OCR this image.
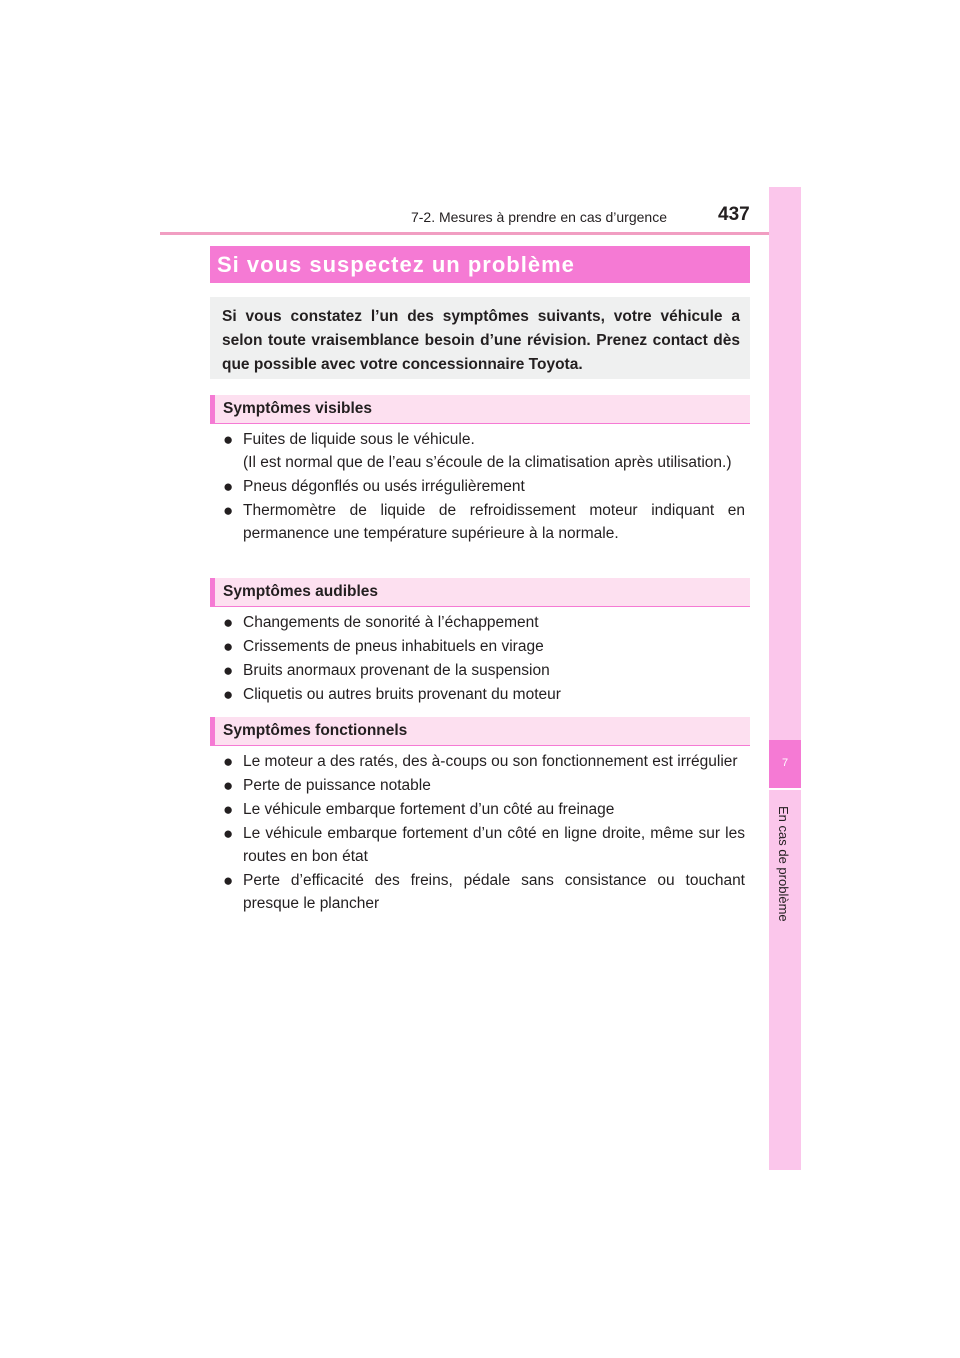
7-2. Mesures à prendre en cas d’urgence	437
7
En cas de problème
Si vous suspectez un problème
Si vous constatez l’un des symptômes suivants, votre véhicule a selon toute vraisemblance besoin d’une révision. Prenez contact dès que possible avec votre concessionnaire Toyota.
Symptômes visibles
● Fuites de liquide sous le véhicule.
(Il est normal que de l’eau s’écoule de la climatisation après utilisation.)
● Pneus dégonflés ou usés irrégulièrement
● Thermomètre de liquide de refroidissement moteur indiquant en permanence une température supérieure à la normale.
Symptômes audibles
● Changements de sonorité à l’échappement
● Crissements de pneus inhabituels en virage
● Bruits anormaux provenant de la suspension
● Cliquetis ou autres bruits provenant du moteur
Symptômes fonctionnels
● Le moteur a des ratés, des à-coups ou son fonctionnement est irrégulier
● Perte de puissance notable
● Le véhicule embarque fortement d’un côté au freinage
● Le véhicule embarque fortement d’un côté en ligne droite, même sur les routes en bon état
● Perte d’efficacité des freins, pédale sans consistance ou touchant presque le plancher
